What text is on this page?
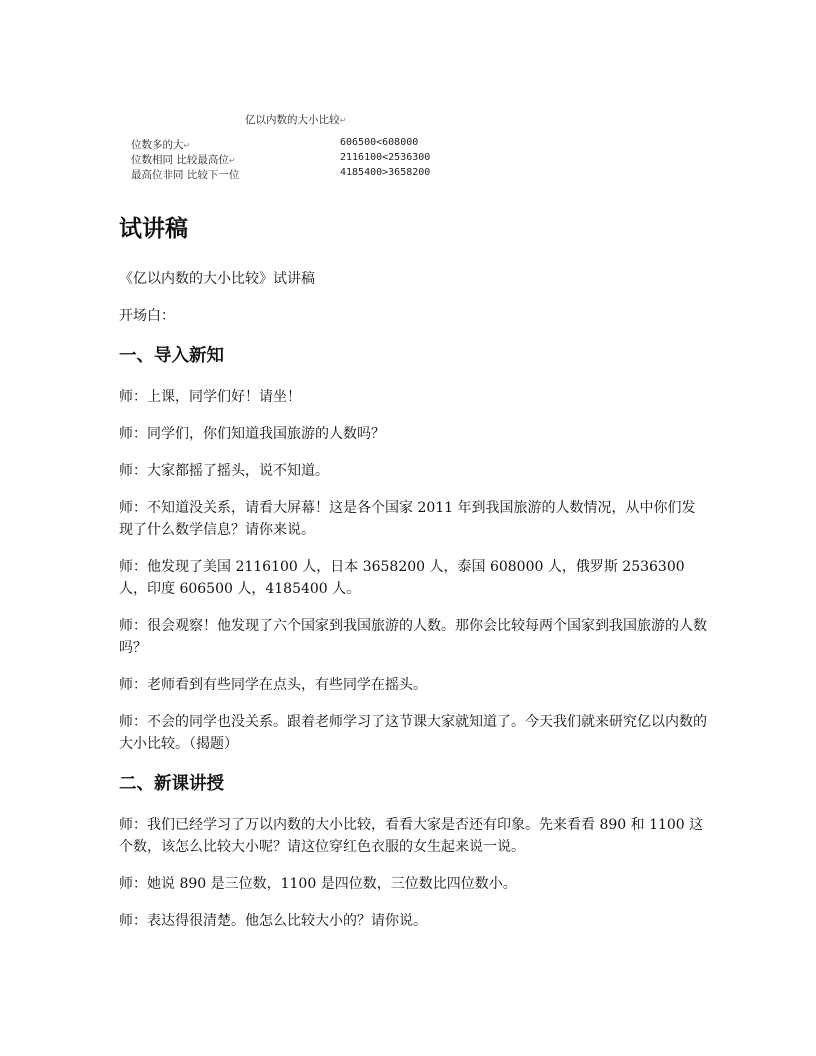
亿以内数的大小比较↵
位数多的大↵	606500<608000
位数相同 比较最高位↵	2116100<2536300
最高位非同 比较下一位	4185400>3658200
试讲稿

《亿以内数的大小比较》试讲稿

开场白：

一、导入新知

师：上课，同学们好！请坐！

师：同学们，你们知道我国旅游的人数吗？

师：大家都摇了摇头，说不知道。

师：不知道没关系，请看大屏幕！这是各个国家 2011 年到我国旅游的人数情况，从中你们发现了什么数学信息？请你来说。

师：他发现了美国 2116100 人，日本 3658200 人，泰国 608000 人，俄罗斯 2536300 人，印度 606500 人，4185400 人。

师：很会观察！他发现了六个国家到我国旅游的人数。那你会比较每两个国家到我国旅游的人数吗？

师：老师看到有些同学在点头，有些同学在摇头。

师：不会的同学也没关系。跟着老师学习了这节课大家就知道了。今天我们就来研究亿以内数的大小比较。（揭题）

二、新课讲授

师：我们已经学习了万以内数的大小比较，看看大家是否还有印象。先来看看 890 和 1100 这个数，该怎么比较大小呢？请这位穿红色衣服的女生起来说一说。

师：她说 890 是三位数，1100 是四位数，三位数比四位数小。

师：表达得很清楚。他怎么比较大小的？请你说。
